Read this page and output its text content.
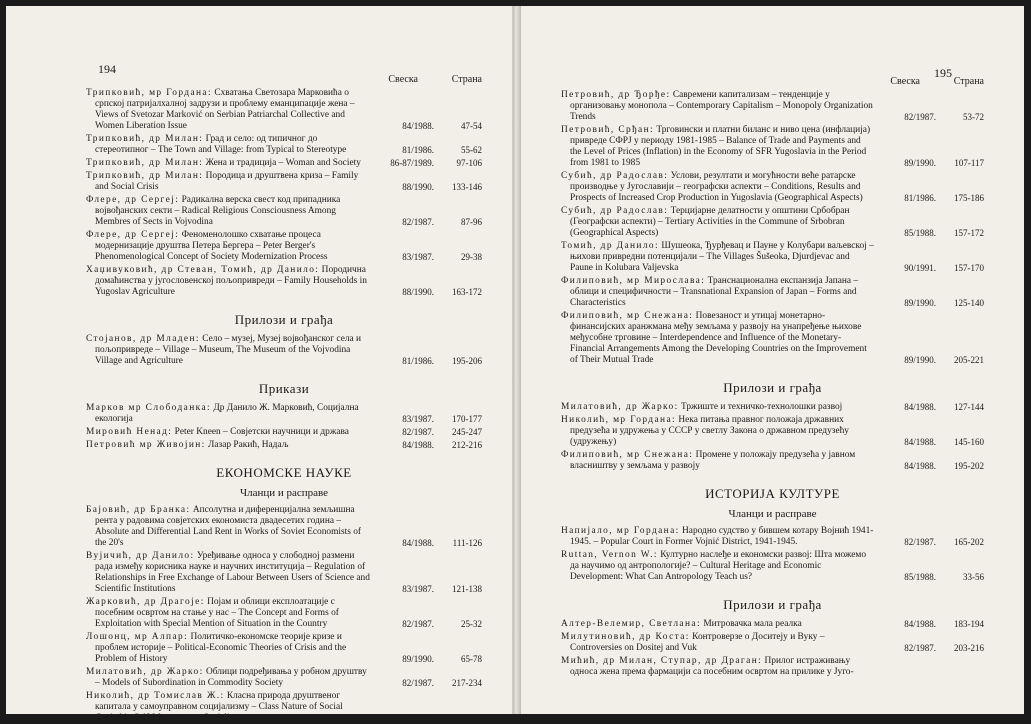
194
Свеска	Страна
Трипковић, мр Гордана: Схватања Светозара Марковића о српској патријалхалној задрузи и проблему еманципације жена – Views of Svetozar Marković on Serbian Patriarchal Collective and Women Liberation Issue	84/1988.	47-54
Трипковић, др Милан: Град и село: од типичног до стереотипног – The Town and Village: from Typical to Stereotype	81/1986.	55-62
Трипковић, др Милан: Жена и традиција – Woman and Society	86-87/1989.	97-106
Трипковић, др Милан: Породица и друштвена криза – Family and Social Crisis	88/1990.	133-146
Флере, др Сергеј: Радикална верска свест код припадника војвођанских секти – Radical Religious Consciousness Among Membres of Sects in Vojvodina	82/1987.	87-96
Флере, др Сергеј: Феноменолошко схватање процеса модернизације друштва Петера Бергера – Peter Berger's Phenomenological Concept of Society Modernization Process	83/1987.	29-38
Хаџивуковић, др Стеван, Томић, др Данило: Породична домаћинства у југословенској пољопривреди – Family Households in Yugoslav Agriculture	88/1990.	163-172
Прилози и грађа
Стојанов, др Младен: Село – музеј, Музеј војвођанског села и пољопривреде – Village – Museum, The Museum of the Vojvodina Village and Agriculture	81/1986.	195-206
Прикази
Марков мр Слободанка: Др Данило Ж. Марковић, Социјална екологија	83/1987.	170-177
Мировић Ненад: Peter Kneen – Совјетски научници и држава	82/1987.	245-247
Петровић мр Живојин: Лазар Ракић, Надаљ	84/1988.	212-216
ЕКОНОМСКЕ НАУКЕ
Чланци и расправе
Бајовић, др Бранка: Апсолутна и диференцијална земљишна рента у радовима совјетских економиста двадесетих година – Absolute and Differential Land Rent in Works of Soviet Economists of the 20's	84/1988.	111-126
Вујичић, др Данило: Уређивање односа у слободној размени рада између корисника науке и научних институција – Regulation of Relationships in Free Exchange of Labour Between Users of Science and Scientific Institutions	83/1987.	121-138
Жарковић, др Драгоје: Појам и облици експлоатације с посебним освртом на стање у нас – The Concept and Forms of Exploitation with Special Mention of Situation in the Country	82/1987.	25-32
Лошонц, мр Алпар: Политичко-економске теорије кризе и проблем историје – Political-Economic Theories of Crisis and the Problem of History	89/1990.	65-78
Милатовић, др Жарко: Облици подређивања у робном друштву – Models of Subordination in Commodity Society	82/1987.	217-234
Николић, др Томислав Ж.: Класна природа друштвеног капитала у самоуправном социјализму – Class Nature of Social Capital in Self-Management Socialism	82/1987.	33-52
195
Свеска	Страна
Петровић, др Ђорђе: Савремени капитализам – тенденције у организовању монопола – Contemporary Capitalism – Monopoly Organization Trends	82/1987.	53-72
Петровић, Срђан: Трговински и платни биланс и ниво цена (инфлација) привреде СФРЈ у периоду 1981-1985 – Balance of Trade and Payments and the Level of Prices (Inflation) in the Economy of SFR Yugoslavia in the Period from 1981 to 1985	89/1990.	107-117
Субић, др Радослав: Услови, резултати и могућности веће ратарске производње у Југославији – географски аспекти – Conditions, Results and Prospects of Increased Crop Production in Yugoslavia (Geographical Aspects)	81/1986.	175-186
Субић, др Радослав: Терцијарне делатности у општини Србобран (Географски аспекти) – Tertiary Activities in the Commune of Srbobran (Geographical Aspects)	85/1988.	157-172
Томић, др Данило: Шушеока, Ђурђевац и Пауне у Колубари ваљевској – њихови привредни потенцијали – The Villages Šušeoka, Djurdjevac and Paune in Kolubara Valjevska	90/1991.	157-170
Филиповић, мр Мирослава: Транснационална експанзија Јапана – облици и специфичности – Transnational Expansion of Japan – Forms and Characteristics	89/1990.	125-140
Филиповић, мр Снежана: Повезаност и утицај монетарно-финансијских аранжмана међу земљама у развоју на унапређење њихове међусобне трговине – Interdependence and Influence of the Monetary-Financial Arrangements Among the Developing Countries on the Improvement of Their Mutual Trade	89/1990.	205-221
Прилози и грађа
Милатовић, др Жарко: Тржиште и техничко-технолошки развој	84/1988.	127-144
Николић, мр Гордана: Нека питања правног положаја државних предузећа и удружења у СССР у светлу Закона о државном предузећу (удружењу)	84/1988.	145-160
Филиповић, мр Снежана: Промене у положају предузећа у јавном власништву у земљама у развоју	84/1988.	195-202
ИСТОРИЈА КУЛТУРЕ
Чланци и расправе
Напијало, мр Гордана: Народно судство у бившем котару Војнић 1941-1945. – Popular Court in Former Vojnić District, 1941-1945.	82/1987.	165-202
Ruttan, Vernon W.: Културно наслеђе и економски развој: Шта можемо да научимо од антропологије? – Cultural Heritage and Economic Development: What Can Antropology Teach us?	85/1988.	33-56
Прилози и грађа
Алтер-Велемир, Светлана: Митровачка мала реалка	84/1988.	183-194
Милутиновић, др Коста: Контроверзе о Доситеју и Вуку – Controversies on Dositej and Vuk	82/1987.	203-216
Мићић, др Милан, Ступар, др Драган: Прилог истраживању односа жена према фармацији са посебним освртом на прилике у Југо-
